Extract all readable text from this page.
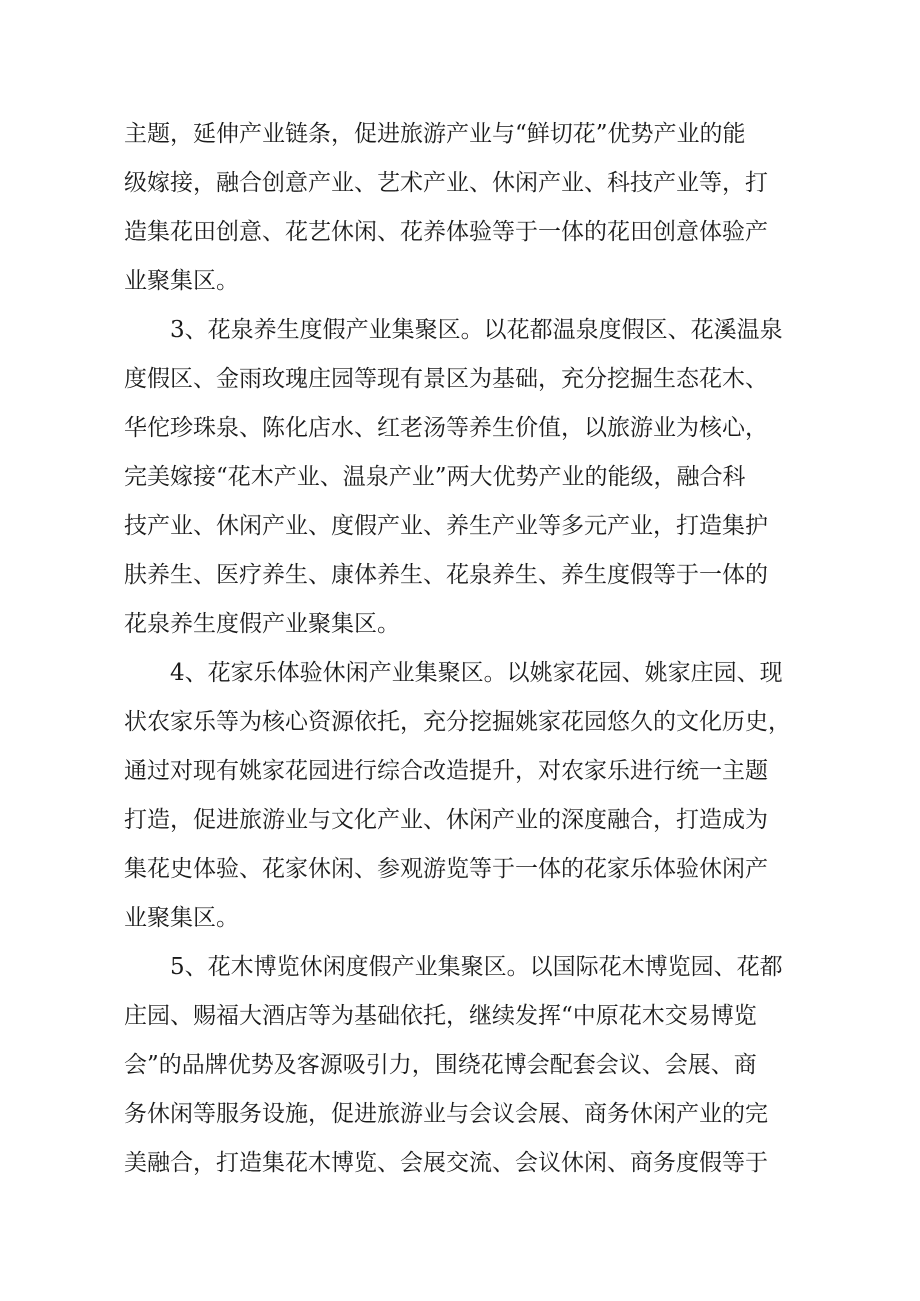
主题，延伸产业链条，促进旅游产业与“鲜切花”优势产业的能
级嫁接，融合创意产业、艺术产业、休闲产业、科技产业等，打
造集花田创意、花艺休闲、花养体验等于一体的花田创意体验产
业聚集区。
3、花泉养生度假产业集聚区。以花都温泉度假区、花溪温泉
度假区、金雨玫瑰庄园等现有景区为基础，充分挖掘生态花木、
华佗珍珠泉、陈化店水、红老汤等养生价值，以旅游业为核心，
完美嫁接“花木产业、温泉产业”两大优势产业的能级，融合科
技产业、休闲产业、度假产业、养生产业等多元产业，打造集护
肤养生、医疗养生、康体养生、花泉养生、养生度假等于一体的
花泉养生度假产业聚集区。
4、花家乐体验休闲产业集聚区。以姚家花园、姚家庄园、现
状农家乐等为核心资源依托，充分挖掘姚家花园悠久的文化历史，
通过对现有姚家花园进行综合改造提升，对农家乐进行统一主题
打造，促进旅游业与文化产业、休闲产业的深度融合，打造成为
集花史体验、花家休闲、参观游览等于一体的花家乐体验休闲产
业聚集区。
5、花木博览休闲度假产业集聚区。以国际花木博览园、花都
庄园、赐福大酒店等为基础依托，继续发挥“中原花木交易博览
会”的品牌优势及客源吸引力，围绕花博会配套会议、会展、商
务休闲等服务设施，促进旅游业与会议会展、商务休闲产业的完
美融合，打造集花木博览、会展交流、会议休闲、商务度假等于
